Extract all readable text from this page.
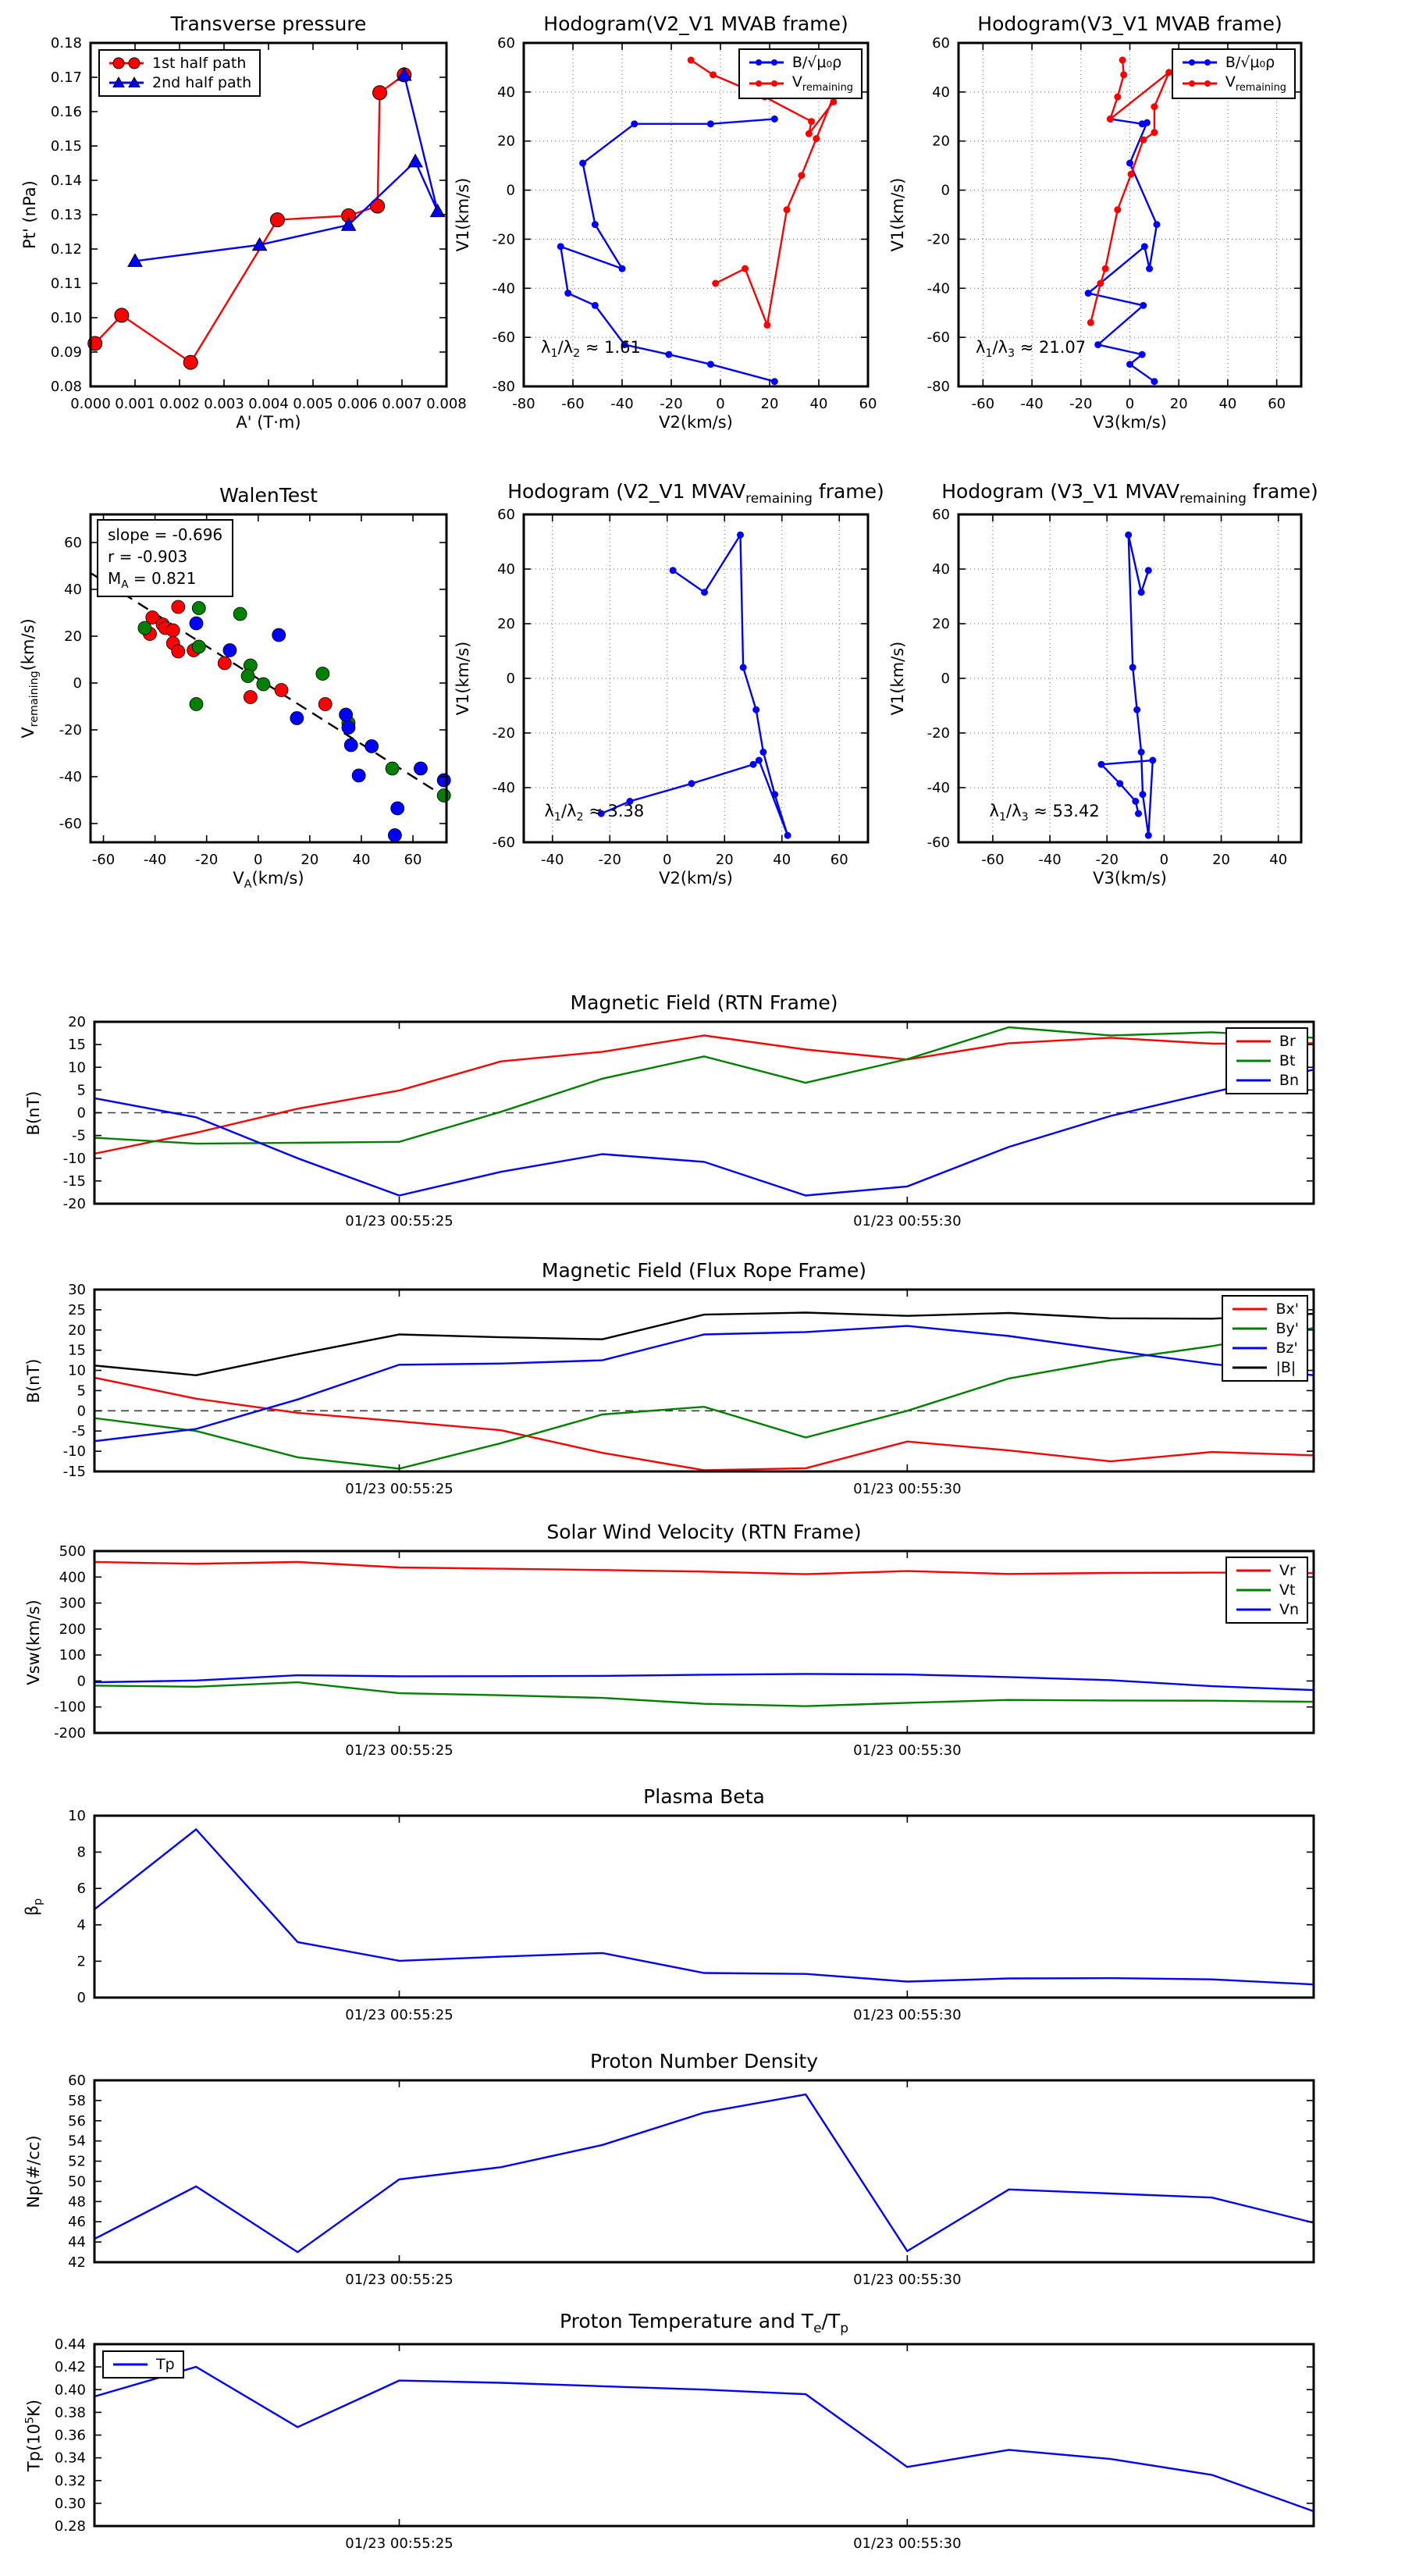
Transverse pressure
A' (T·m)
Pt' (nPa)
0.000 0.001 0.002 0.003 0.004 0.005 0.006 0.007 0.008
0.08
0.09
0.10
0.11
0.12
0.13
0.14
0.15
0.16
0.17
0.18
1st half path
2nd half path
Hodogram(V2_V1 MVAB frame)
V2(km/s)
V1(km/s)
-80 -60 -40 -20 0	20 40 60
-80
-60
-40
-20
0
20
40
60
B/√μ₀ρ
$V_{remaining}$
$\lambda_1/\lambda_2 \approx 1.61$
Hodogram(V3_V1 MVAB frame)
V3(km/s)
V1(km/s)
-60 -40 -20 0	20 40 60
-80
-60
-40
-20
0
20
40
60
B/√μ₀ρ
$V_{remaining}$
$\lambda_1/\lambda_3 \approx 21.07$
WalenTest
$V_A(km/s)$
$V_{remaining}(km/s)$
-60 -40 -20	0	20 40 60
-60
-40
-20
0
20
40
60 slope = -0.696
r = -0.903
$M_A = 0.821$
Hodogram (V2_V1 $MVAV_{remaining}$ frame)
V2(km/s)
V1(km/s)
-40 -20	0	20	40	60
-60
-40
-20
0
20
40
60
$\lambda_1/\lambda_2 \approx 3.38$
Hodogram (V3_V1 $MVAV_{remaining}$ frame)
V3(km/s)
V1(km/s)
-60 -40 -20	0	20	40
-60
-40
-20
0
20
40
60
$\lambda_1/\lambda_3 \approx 53.42$
Magnetic Field (RTN Frame)
B(nT)
01/23 00:55:25	01/23 00:55:30
-20
-15
-10
-5
0
5
10
15
20
Br
Bt
Bn
Magnetic Field (Flux Rope Frame)
B(nT)
01/23 00:55:25	01/23 00:55:30
-15
-10
-5
0
5
10
15
20
25
30
Bx'
By'
Bz'
|B|
Solar Wind Velocity (RTN Frame)
Vsw(km/s)
01/23 00:55:25	01/23 00:55:30
-200
-100
0
100
200
300
400
500
Vr
Vt
Vn
Plasma Beta
$\beta_p$
01/23 00:55:25	01/23 00:55:30
0
2
4
6
8
10
Proton Number Density
Np(#/cc)
01/23 00:55:25	01/23 00:55:30
42
44
46
48
50
52
54
56
58
60
Proton Temperature and $T_e/T_p$
$Tp(10^5K)$
01/23 00:55:25	01/23 00:55:30
0.28
0.30
0.32
0.34
0.36
0.38
0.40
0.42
0.44
Tp
